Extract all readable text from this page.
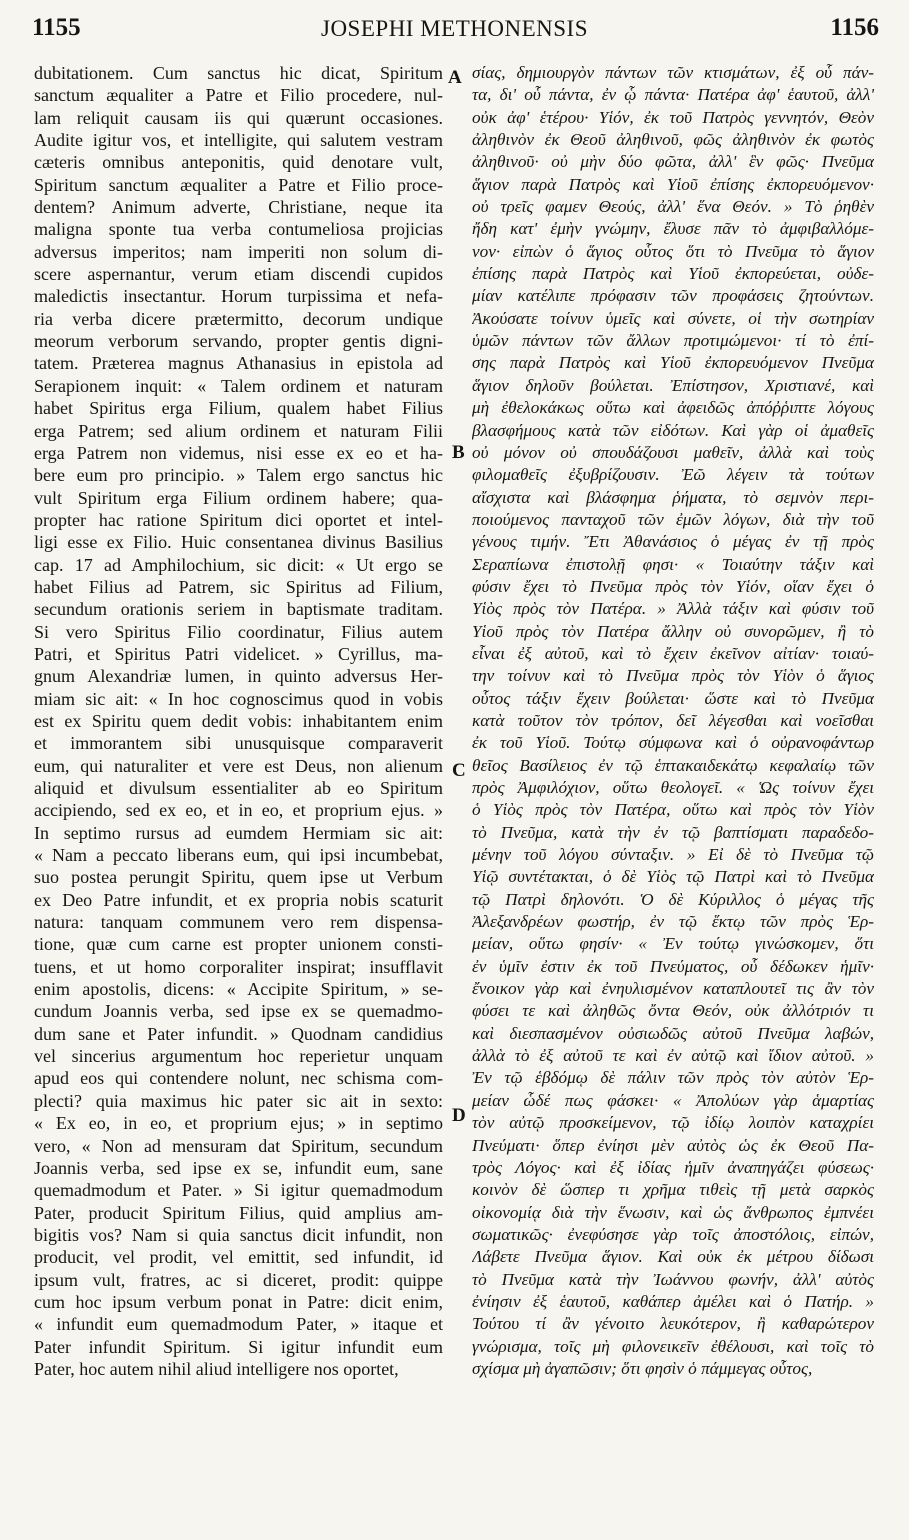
1155	JOSEPHI METHONENSIS	1156
dubitationem. Cum sanctus hic dicat, Spiritum
sanctum æqualiter a Patre et Filio procedere, nul-
lam reliquit causam iis qui quærunt occasiones.
Audite igitur vos, et intelligite, qui salutem vestram
cæteris omnibus anteponitis, quid denotare vult,
Spiritum sanctum æqualiter a Patre et Filio proce-
dentem? Animum adverte, Christiane, neque ita
maligna sponte tua verba contumeliosa projicias
adversus imperitos; nam imperiti non solum di-
scere aspernantur, verum etiam discendi cupidos
maledictis insectantur. Horum turpissima et nefa-
ria verba dicere prætermitto, decorum undique
meorum verborum servando, propter gentis digni-
tatem. Præterea magnus Athanasius in epistola ad
Serapionem inquit: « Talem ordinem et naturam
habet Spiritus erga Filium, qualem habet Filius
erga Patrem; sed alium ordinem et naturam Filii
erga Patrem non videmus, nisi esse ex eo et ha-
bere eum pro principio. » Talem ergo sanctus hic
vult Spiritum erga Filium ordinem habere; qua-
propter hac ratione Spiritum dici oportet et intel-
ligi esse ex Filio. Huic consentanea divinus Basilius
cap. 17 ad Amphilochium, sic dicit: « Ut ergo se
habet Filius ad Patrem, sic Spiritus ad Filium,
secundum orationis seriem in baptismate traditam.
Si vero Spiritus Filio coordinatur, Filius autem
Patri, et Spiritus Patri videlicet. » Cyrillus, ma-
gnum Alexandriæ lumen, in quinto adversus Her-
miam sic ait: « In hoc cognoscimus quod in vobis
est ex Spiritu quem dedit vobis: inhabitantem enim
et immorantem sibi unusquisque comparaverit
eum, qui naturaliter et vere est Deus, non alienum
aliquid et divulsum essentialiter ab eo Spiritum
accipiendo, sed ex eo, et in eo, et proprium ejus. »
In septimo rursus ad eumdem Hermiam sic ait:
« Nam a peccato liberans eum, qui ipsi incumbebat,
suo postea perungit Spiritu, quem ipse ut Verbum
ex Deo Patre infundit, et ex propria nobis scaturit
natura: tanquam communem vero rem dispensa-
tione, quæ cum carne est propter unionem consti-
tuens, et ut homo corporaliter inspirat; insufflavit
enim apostolis, dicens: « Accipite Spiritum, » se-
cundum Joannis verba, sed ipse ex se quemadmo-
dum sane et Pater infundit. » Quodnam candidius
vel sincerius argumentum hoc reperietur unquam
apud eos qui contendere nolunt, nec schisma com-
plecti? quia maximus hic pater sic ait in sexto:
« Ex eo, in eo, et proprium ejus; » in septimo
vero, « Non ad mensuram dat Spiritum, secundum
Joannis verba, sed ipse ex se, infundit eum, sane
quemadmodum et Pater. » Si igitur quemadmodum
Pater, producit Spiritum Filius, quid amplius am-
bigitis vos? Nam si quia sanctus dicit infundit, non
producit, vel prodit, vel emittit, sed infundit, id
ipsum vult, fratres, ac si diceret, prodit: quippe
cum hoc ipsum verbum ponat in Patre: dicit enim,
« infundit eum quemadmodum Pater, » itaque et
Pater infundit Spiritum. Si igitur infundit eum
Pater, hoc autem nihil aliud intelligere nos oportet,
σίας, δημιουργὸν πάντων τῶν κτισμάτων, ἐξ οὗ πάν-
τα, δι' οὗ πάντα, ἐν ᾧ πάντα· Πατέρα ἀφ' ἑαυτοῦ, ἀλλ'
οὐκ ἀφ' ἑτέρου· Υἱόν, ἐκ τοῦ Πατρὸς γεννητόν, Θεὸν
ἀληθινὸν ἐκ Θεοῦ ἀληθινοῦ, φῶς ἀληθινὸν ἐκ φωτὸς
ἀληθινοῦ· οὐ μὴν δύο φῶτα, ἀλλ' ἓν φῶς· Πνεῦμα
ἅγιον παρὰ Πατρὸς καὶ Υἱοῦ ἐπίσης ἐκπορευόμενον·
οὐ τρεῖς φαμεν Θεούς, ἀλλ' ἕνα Θεόν. » Τὸ ῥηθὲν
ἤδη κατ' ἐμὴν γνώμην, ἔλυσε πᾶν τὸ ἀμφιβαλλόμε-
νον· εἰπὼν ὁ ἅγιος οὗτος ὅτι τὸ Πνεῦμα τὸ ἅγιον
ἐπίσης παρὰ Πατρὸς καὶ Υἱοῦ ἐκπορεύεται, οὐδε-
μίαν κατέλιπε πρόφασιν τῶν προφάσεις ζητούντων.
Ἀκούσατε τοίνυν ὑμεῖς καὶ σύνετε, οἱ τὴν σωτηρίαν
ὑμῶν πάντων τῶν ἄλλων προτιμώμενοι· τί τὸ ἐπί-
σης παρὰ Πατρὸς καὶ Υἱοῦ ἐκπορευόμενον Πνεῦμα
ἅγιον δηλοῦν βούλεται. Ἐπίστησον, Χριστιανέ, καὶ
μὴ ἐθελοκάκως οὕτω καὶ ἀφειδῶς ἀπόῤῥιπτε λόγους
βλασφήμους κατὰ τῶν εἰδότων. Καὶ γὰρ οἱ ἀμαθεῖς
οὐ μόνον οὐ σπουδάζουσι μαθεῖν, ἀλλὰ καὶ τοὺς
φιλομαθεῖς ἐξυβρίζουσιν. Ἐῶ λέγειν τὰ τούτων
αἴσχιστα καὶ βλάσφημα ῥήματα, τὸ σεμνὸν περι-
ποιούμενος πανταχοῦ τῶν ἐμῶν λόγων, διὰ τὴν τοῦ
γένους τιμήν. Ἔτι Ἀθανάσιος ὁ μέγας ἐν τῇ πρὸς
Σεραπίωνα ἐπιστολῇ φησι· « Τοιαύτην τάξιν καὶ
φύσιν ἔχει τὸ Πνεῦμα πρὸς τὸν Υἱόν, οἵαν ἔχει ὁ
Υἱὸς πρὸς τὸν Πατέρα. » Ἀλλὰ τάξιν καὶ φύσιν τοῦ
Υἱοῦ πρὸς τὸν Πατέρα ἄλλην οὐ συνορῶμεν, ἢ τὸ
εἶναι ἐξ αὐτοῦ, καὶ τὸ ἔχειν ἐκεῖνον αἰτίαν· τοιαύ-
την τοίνυν καὶ τὸ Πνεῦμα πρὸς τὸν Υἱὸν ὁ ἅγιος
οὗτος τάξιν ἔχειν βούλεται· ὥστε καὶ τὸ Πνεῦμα
κατὰ τοῦτον τὸν τρόπον, δεῖ λέγεσθαι καὶ νοεῖσθαι
ἐκ τοῦ Υἱοῦ. Τούτῳ σύμφωνα καὶ ὁ οὐρανοφάντωρ
θεῖος Βασίλειος ἐν τῷ ἑπτακαιδεκάτῳ κεφαλαίῳ τῶν
πρὸς Ἀμφιλόχιον, οὕτω θεολογεῖ. « Ὡς τοίνυν ἔχει
ὁ Υἱὸς πρὸς τὸν Πατέρα, οὕτω καὶ πρὸς τὸν Υἱὸν
τὸ Πνεῦμα, κατὰ τὴν ἐν τῷ βαπτίσματι παραδεδο-
μένην τοῦ λόγου σύνταξιν. » Εἰ δὲ τὸ Πνεῦμα τῷ
Υἱῷ συντέτακται, ὁ δὲ Υἱὸς τῷ Πατρὶ καὶ τὸ Πνεῦμα
τῷ Πατρὶ δηλονότι. Ὁ δὲ Κύριλλος ὁ μέγας τῆς
Ἀλεξανδρέων φωστήρ, ἐν τῷ ἕκτῳ τῶν πρὸς Ἑρ-
μείαν, οὕτω φησίν· « Ἐν τούτῳ γινώσκομεν, ὅτι
ἐν ὑμῖν ἐστιν ἐκ τοῦ Πνεύματος, οὗ δέδωκεν ἡμῖν·
ἔνοικον γὰρ καὶ ἐνηυλισμένον καταπλουτεῖ τις ἂν τὸν
φύσει τε καὶ ἀληθῶς ὄντα Θεόν, οὐκ ἀλλότριόν τι
καὶ διεσπασμένον οὐσιωδῶς αὐτοῦ Πνεῦμα λαβών,
ἀλλὰ τὸ ἐξ αὐτοῦ τε καὶ ἐν αὐτῷ καὶ ἴδιον αὐτοῦ. »
Ἐν τῷ ἑβδόμῳ δὲ πάλιν τῶν πρὸς τὸν αὐτὸν Ἑρ-
μείαν ὧδέ πως φάσκει· « Ἀπολύων γὰρ ἁμαρτίας
τὸν αὐτῷ προσκείμενον, τῷ ἰδίῳ λοιπὸν καταχρίει
Πνεύματι· ὅπερ ἐνίησι μὲν αὐτὸς ὡς ἐκ Θεοῦ Πα-
τρὸς Λόγος· καὶ ἐξ ἰδίας ἡμῖν ἀναπηγάζει φύσεως·
κοινὸν δὲ ὥσπερ τι χρῆμα τιθεὶς τῇ μετὰ σαρκὸς
οἰκονομίᾳ διὰ τὴν ἕνωσιν, καὶ ὡς ἄνθρωπος ἐμπνέει
σωματικῶς· ἐνεφύσησε γὰρ τοῖς ἀποστόλοις, εἰπών,
Λάβετε Πνεῦμα ἅγιον. Καὶ οὐκ ἐκ μέτρου δίδωσι
τὸ Πνεῦμα κατὰ τὴν Ἰωάννου φωνήν, ἀλλ' αὐτὸς
ἐνίησιν ἐξ ἑαυτοῦ, καθάπερ ἀμέλει καὶ ὁ Πατήρ. »
Τούτου τί ἂν γένοιτο λευκότερον, ἢ καθαρώτερον
γνώρισμα, τοῖς μὴ φιλονεικεῖν ἐθέλουσι, καὶ τοῖς τὸ
σχίσμα μὴ ἀγαπῶσιν; ὅτι φησὶν ὁ πάμμεγας οὗτος,
A
B
C
D
